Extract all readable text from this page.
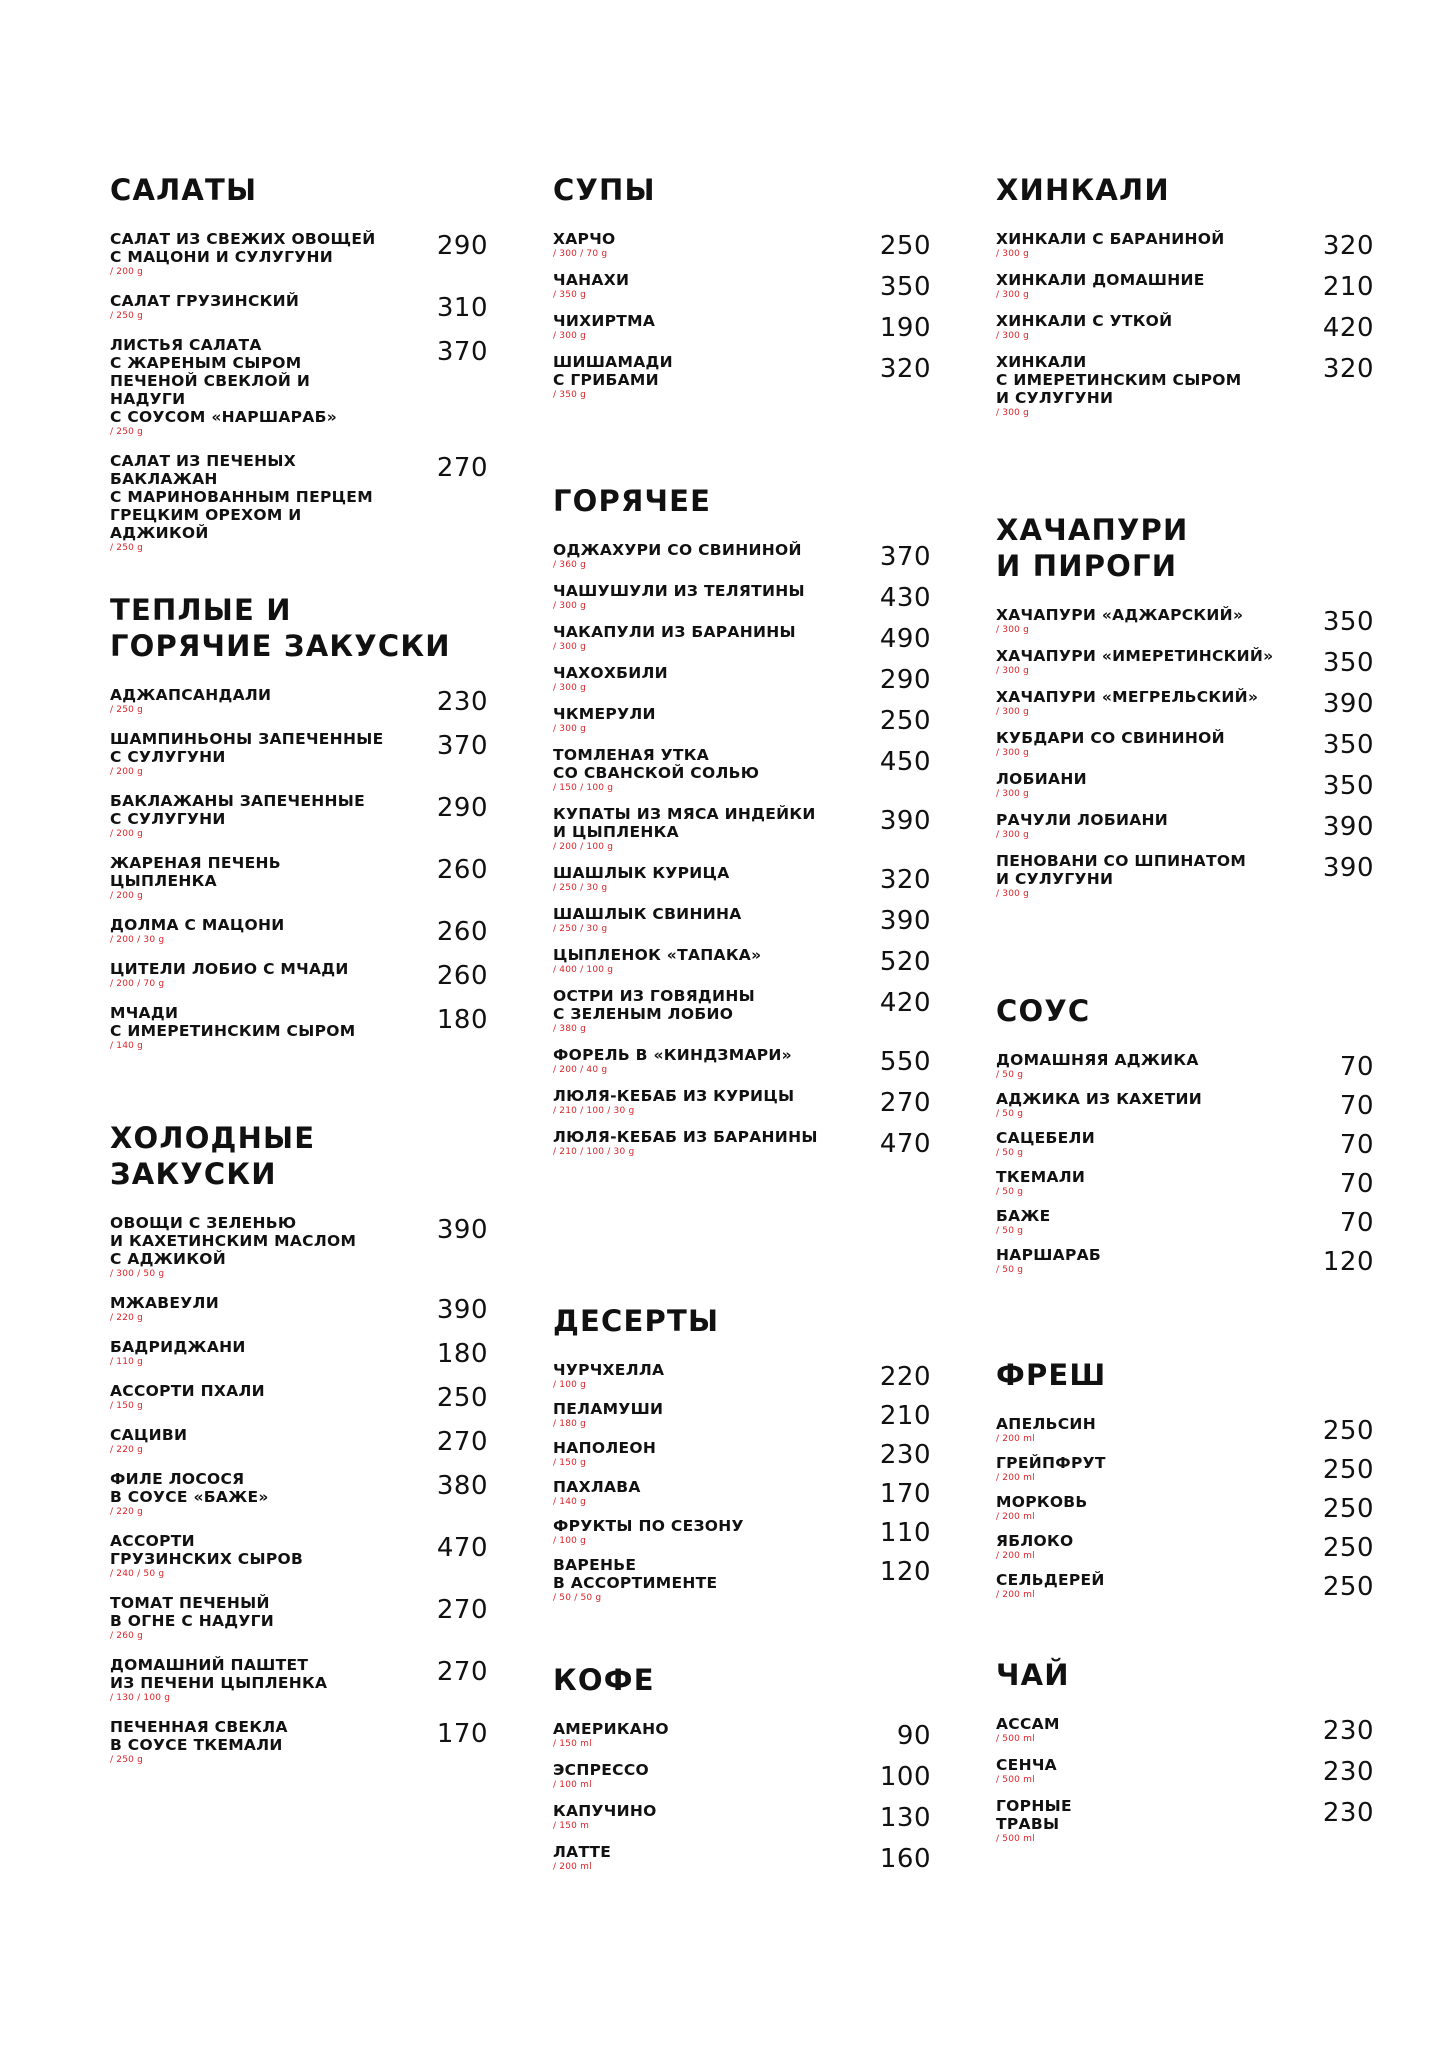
САЛАТЫ
САЛАТ ИЗ СВЕЖИХ ОВОЩЕЙ
С МАЦОНИ И СУЛУГУНИ
/ 200 g
290
САЛАТ ГРУЗИНСКИЙ
/ 250 g	310
ЛИСТЬЯ САЛАТА
С ЖАРЕНЫМ СЫРОМ
ПЕЧЕНОЙ СВЕКЛОЙ И НАДУГИ
С СОУСОМ «НАРШАРАБ»
/ 250 g
370
САЛАТ ИЗ ПЕЧЕНЫХ БАКЛАЖАН
С МАРИНОВАННЫМ ПЕРЦЕМ
ГРЕЦКИМ ОРЕХОМ И АДЖИКОЙ
/ 250 g
270
ТЕПЛЫЕ И
ГОРЯЧИЕ ЗАКУСКИ
АДЖАПСАНДАЛИ
/ 250 g	230
ШАМПИНЬОНЫ ЗАПЕЧЕННЫЕ
С СУЛУГУНИ
/ 200 g
370
БАКЛАЖАНЫ ЗАПЕЧЕННЫЕ
С СУЛУГУНИ
/ 200 g
290
ЖАРЕНАЯ ПЕЧЕНЬ ЦЫПЛЕНКА
/ 200 g
260
ДОЛМА С МАЦОНИ
/ 200 / 30 g	260
ЦИТЕЛИ ЛОБИО С МЧАДИ
/ 200 / 70 g	260
МЧАДИ
С ИМЕРЕТИНСКИМ СЫРОМ
/ 140 g
180
ХОЛОДНЫЕ
ЗАКУСКИ
ОВОЩИ С ЗЕЛЕНЬЮ
И КАХЕТИНСКИМ МАСЛОМ
С АДЖИКОЙ
/ 300 / 50 g
390
МЖАВЕУЛИ
/ 220 g	390
БАДРИДЖАНИ
/ 110 g	180
АССОРТИ ПХАЛИ
/ 150 g	250
САЦИВИ
/ 220 g	270
ФИЛЕ ЛОСОСЯ
В СОУСЕ «БАЖЕ»
/ 220 g
380
АССОРТИ
ГРУЗИНСКИХ СЫРОВ
/ 240 / 50 g
470
ТОМАТ ПЕЧЕНЫЙ
В ОГНЕ С НАДУГИ
/ 260 g
270
ДОМАШНИЙ ПАШТЕТ
ИЗ ПЕЧЕНИ ЦЫПЛЕНКА
/ 130 / 100 g
270
ПЕЧЕННАЯ СВЕКЛА
В СОУСЕ ТКЕМАЛИ
/ 250 g
170
СУПЫ
ХАРЧО
/ 300 / 70 g	250
ЧАНАХИ
/ 350 g	350
ЧИХИРТМА
/ 300 g	190
ШИШАМАДИ
С ГРИБАМИ
/ 350 g
320
ГОРЯЧЕЕ
ОДЖАХУРИ СО СВИНИНОЙ
/ 360 g	370
ЧАШУШУЛИ ИЗ ТЕЛЯТИНЫ
/ 300 g	430
ЧАКАПУЛИ ИЗ БАРАНИНЫ
/ 300 g	490
ЧАХОХБИЛИ
/ 300 g	290
ЧКМЕРУЛИ
/ 300 g	250
ТОМЛЕНАЯ УТКА
СО СВАНСКОЙ СОЛЬЮ
/ 150 / 100 g
450
КУПАТЫ ИЗ МЯСА ИНДЕЙКИ
И ЦЫПЛЕНКА
/ 200 / 100 g
390
ШАШЛЫК КУРИЦА
/ 250 / 30 g	320
ШАШЛЫК СВИНИНА
/ 250 / 30 g	390
ЦЫПЛЕНОК «ТАПАКА»
/ 400 / 100 g	520
ОСТРИ ИЗ ГОВЯДИНЫ
С ЗЕЛЕНЫМ ЛОБИО
/ 380 g
420
ФОРЕЛЬ В «КИНДЗМАРИ»
/ 200 / 40 g	550
ЛЮЛЯ-КЕБАБ ИЗ КУРИЦЫ
/ 210 / 100 / 30 g	270
ЛЮЛЯ-КЕБАБ ИЗ БАРАНИНЫ
/ 210 / 100 / 30 g	470
ДЕСЕРТЫ
ЧУРЧХЕЛЛА
/ 100 g	220
ПЕЛАМУШИ
/ 180 g	210
НАПОЛЕОН
/ 150 g	230
ПАХЛАВА
/ 140 g	170
ФРУКТЫ ПО СЕЗОНУ
/ 100 g	110
ВАРЕНЬЕ
В АССОРТИМЕНТЕ
/ 50 / 50 g
120
КОФЕ
АМЕРИКАНО
/ 150 ml	90
ЭСПРЕССО
/ 100 ml	100
КАПУЧИНО
/ 150 m	130
ЛАТТЕ
/ 200 ml	160
ХИНКАЛИ
ХИНКАЛИ С БАРАНИНОЙ
/ 300 g	320
ХИНКАЛИ ДОМАШНИЕ
/ 300 g	210
ХИНКАЛИ С УТКОЙ
/ 300 g	420
ХИНКАЛИ
С ИМЕРЕТИНСКИМ СЫРОМ
И СУЛУГУНИ
/ 300 g
320
ХАЧАПУРИ
И ПИРОГИ
ХАЧАПУРИ «АДЖАРСКИЙ»
/ 300 g	350
ХАЧАПУРИ «ИМЕРЕТИНСКИЙ»
/ 300 g	350
ХАЧАПУРИ «МЕГРЕЛЬСКИЙ»
/ 300 g	390
КУБДАРИ СО СВИНИНОЙ
/ 300 g	350
ЛОБИАНИ
/ 300 g	350
РАЧУЛИ ЛОБИАНИ
/ 300 g	390
ПЕНОВАНИ СО ШПИНАТОМ
И СУЛУГУНИ
/ 300 g
390
СОУС
ДОМАШНЯЯ АДЖИКА
/ 50 g	70
АДЖИКА ИЗ КАХЕТИИ
/ 50 g	70
САЦЕБЕЛИ
/ 50 g	70
ТКЕМАЛИ
/ 50 g	70
БАЖЕ
/ 50 g	70
НАРШАРАБ
/ 50 g	120
ФРЕШ
АПЕЛЬСИН
/ 200 ml	250
ГРЕЙПФРУТ
/ 200 ml	250
МОРКОВЬ
/ 200 ml	250
ЯБЛОКО
/ 200 ml	250
СЕЛЬДЕРЕЙ
/ 200 ml	250
ЧАЙ
АССАМ
/ 500 ml	230
СЕНЧА
/ 500 ml	230
ГОРНЫЕ
ТРАВЫ
/ 500 ml
230
